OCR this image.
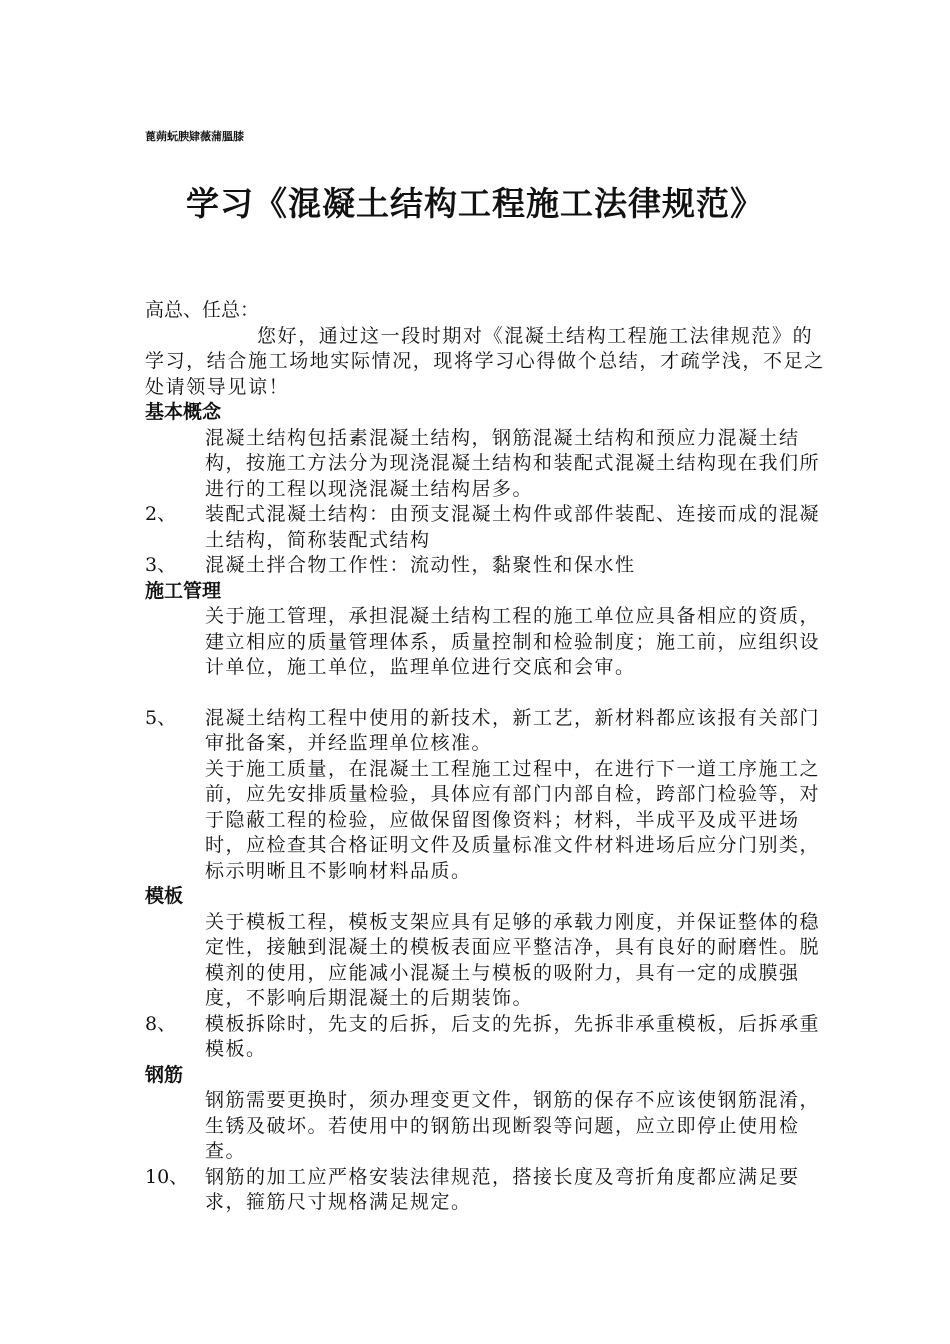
蓖蒴蚖腴肄薇蒲膃膝
学习《混凝土结构工程施工法律规范》

高总、任总：

您好，通过这一段时期对《混凝土结构工程施工法律规范》的学习，结合施工场地实际情况，现将学习心得做个总结，才疏学浅，不足之处请领导见谅！

基本概念

混凝土结构包括素混凝土结构，钢筋混凝土结构和预应力混凝土结构，按施工方法分为现浇混凝土结构和装配式混凝土结构现在我们所进行的工程以现浇混凝土结构居多。
2、 装配式混凝土结构：由预支混凝土构件或部件装配、连接而成的混凝土结构，简称装配式结构
3、 混凝土拌合物工作性：流动性，黏聚性和保水性

施工管理

关于施工管理，承担混凝土结构工程的施工单位应具备相应的资质，建立相应的质量管理体系，质量控制和检验制度；施工前，应组织设计单位，施工单位，监理单位进行交底和会审。
5、 混凝土结构工程中使用的新技术，新工艺，新材料都应该报有关部门审批备案，并经监理单位核准。
关于施工质量，在混凝土工程施工过程中，在进行下一道工序施工之前，应先安排质量检验，具体应有部门内部自检，跨部门检验等，对于隐蔽工程的检验，应做保留图像资料；材料，半成平及成平进场时，应检查其合格证明文件及质量标准文件材料进场后应分门别类，标示明晰且不影响材料品质。

模板

关于模板工程，模板支架应具有足够的承载力刚度，并保证整体的稳定性，接触到混凝土的模板表面应平整洁净，具有良好的耐磨性。脱模剂的使用，应能减小混凝土与模板的吸附力，具有一定的成膜强度，不影响后期混凝土的后期装饰。
8、 模板拆除时，先支的后拆，后支的先拆，先拆非承重模板，后拆承重模板。

钢筋

钢筋需要更换时，须办理变更文件，钢筋的保存不应该使钢筋混淆，生锈及破坏。若使用中的钢筋出现断裂等问题，应立即停止使用检查。
10、 钢筋的加工应严格安装法律规范，搭接长度及弯折角度都应满足要求，箍筋尺寸规格满足规定。
